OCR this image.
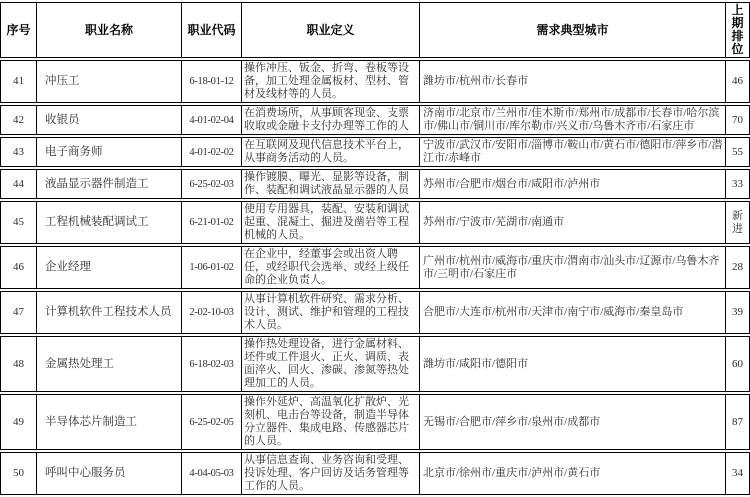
序号	职业名称	职业代码	职业定义	需求典型城市	上期排位
41	冲压工	6-18-01-12	操作冲压、钣金、折弯、卷板等设备，加工处理金属板材、型材、管材及线材等的人员。	潍坊市/杭州市/长春市	46
42	收银员	4-01-02-04	在消费场所，从事顾客现金、支票收取或金融卡支付办理等工作的人	济南市/北京市/兰州市/佳木斯市/郑州市/成都市/长春市/哈尔滨市/佛山市/铜川市/库尔勒市/兴义市/乌鲁木齐市/石家庄市	70
43	电子商务师	4-01-02-02	在互联网及现代信息技术平台上，从事商务活动的人员。	宁波市/武汉市/安阳市/淄博市/鞍山市/黄石市/德阳市/萍乡市/潜江市/赤峰市	55
44	液晶显示器件制造工	6-25-02-03	操作镀膜、曝光、显影等设备，制作、装配和调试液晶显示器的人员	苏州市/合肥市/烟台市/咸阳市/泸州市	33
45	工程机械装配调试工	6-21-01-02	使用专用器具，装配、安装和调试起重、混凝土、掘进及凿岩等工程机械的人员。	苏州市/宁波市/芜湖市/南通市	新进
46	企业经理	1-06-01-02	在企业中，经董事会或出资人聘任，或经职代会选举、或经上级任命的企业负责人。	广州市/杭州市/威海市/重庆市/渭南市/汕头市/辽源市/乌鲁木齐市/三明市/石家庄市	28
47	计算机软件工程技术人员	2-02-10-03	从事计算机软件研究、需求分析、设计、测试、维护和管理的工程技术人员。	合肥市/大连市/杭州市/天津市/南宁市/威海市/秦皇岛市	39
48	金属热处理工	6-18-02-03	操作热处理设备，进行金属材料、坯件或工件退火、正火、调质、表面淬火、回火、渗碳、渗氮等热处理加工的人员。	潍坊市/咸阳市/德阳市	60
49	半导体芯片制造工	6-25-02-05	操作外延炉、高温氧化扩散炉、光刻机、电击台等设备，制造半导体分立器件、集成电路、传感器芯片的人员。	无锡市/合肥市/萍乡市/泉州市/成都市	87
50	呼叫中心服务员	4-04-05-03	从事信息查询、业务咨询和受理、投诉处理、客户回访及话务管理等工作的人员。	北京市/徐州市/重庆市/泸州市/黄石市	34
